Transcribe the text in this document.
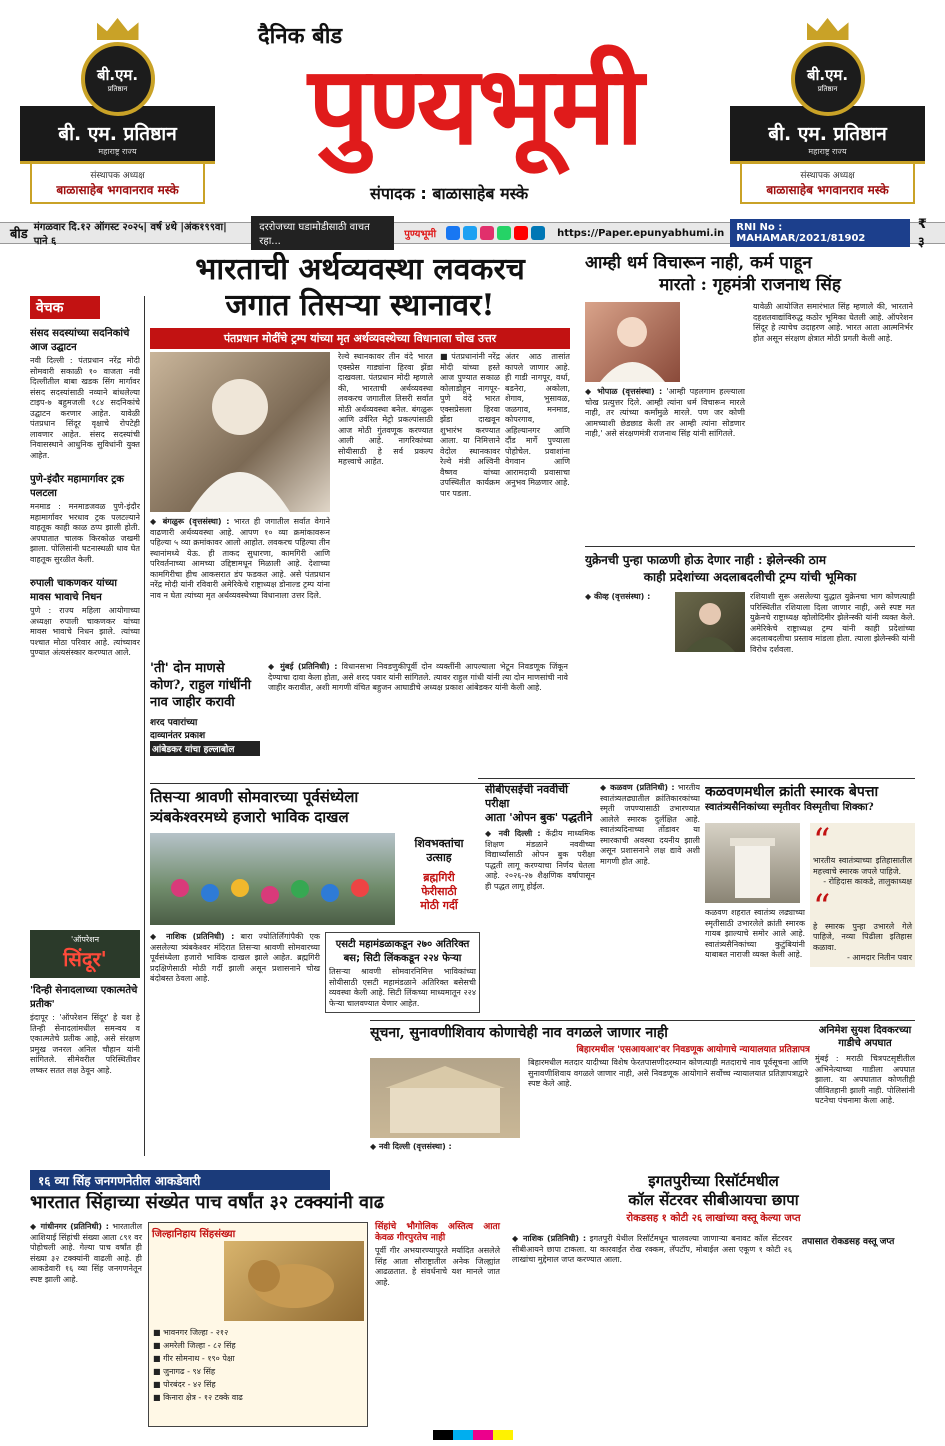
बी.एम.
प्रतिष्ठान
बी. एम. प्रतिष्ठान
महाराष्ट्र राज्य
संस्थापक अध्यक्ष
बाळासाहेब भगवानराव मस्के
दैनिक बीड
पुण्यभूमी
संपादक : बाळासाहेब मस्के
बी.एम.
प्रतिष्ठान
बी. एम. प्रतिष्ठान
महाराष्ट्र राज्य
संस्थापक अध्यक्ष
बाळासाहेब भगवानराव मस्के
बीड मंगळवार दि.१२ ऑगस्ट २०२५| वर्ष ४थे |अंक१९९वा| पाने ६
दररोजच्या घडामोडीसाठी वाचत रहा...
पुण्यभूमी	https://Paper.epunyabhumi.in	RNI No : MAHAMAR/2021/81902
₹ ३
वेचक
संसद सदस्यांच्या सदनिकांचे आज उद्घाटन
नवी दिल्ली : पंतप्रधान नरेंद्र मोदी सोमवारी सकाळी १० वाजता नवी दिल्लीतील बाबा खडक सिंग मार्गावर संसद सदस्यांसाठी नव्याने बांधलेल्या टाइप-७ बहुमजली १८४ सदनिकांचे उद्घाटन करणार आहेत. यावेळी पंतप्रधान सिंदूर वृक्षाचे रोपटेही लावणार आहेत. संसद सदस्यांची निवासस्थाने आधुनिक सुविधांनी युक्त आहेत.
पुणे-इंदौर महामार्गावर ट्रक पलटला
मनमाड : मनमाडजवळ पुणे-इंदौर महामार्गावर भरधाव ट्रक पलटल्याने वाहतूक काही काळ ठप्प झाली होती. अपघातात चालक किरकोळ जखमी झाला. पोलिसांनी घटनास्थळी धाव घेत वाहतूक सुरळीत केली.
रुपाली चाकणकर यांच्या मावस भावाचे निधन
पुणे : राज्य महिला आयोगाच्या अध्यक्षा रुपाली चाकणकर यांच्या मावस भावाचे निधन झाले. त्यांच्या पश्चात मोठा परिवार आहे. त्यांच्यावर पुण्यात अंत्यसंस्कार करण्यात आले.
भारताची अर्थव्यवस्था लवकरच
जगात तिसऱ्या स्थानावर!
पंतप्रधान मोदींचे ट्रम्प यांच्या मृत अर्थव्यवस्थेच्या विधानाला चोख उत्तर
◆ बंगळुरू (वृत्तसंस्था) : भारत ही जगातील सर्वात वेगाने वाढणारी अर्थव्यवस्था आहे. आपण १० व्या क्रमांकावरून पहिल्या ५ व्या क्रमांकावर आलो आहोत. लवकरच पहिल्या तीन स्थानांमध्ये येऊ. ही ताकद सुधारणा, कामगिरी आणि परिवर्तनाच्या आमच्या उद्दिष्टामधून मिळाली आहे. देशाच्या कामगिरीचा हीच आकसरात डंप फडकत आहे. असे पंतप्रधान नरेंद्र मोदी यांनी रविवारी अमेरिकेचे राष्ट्राध्यक्ष डोनाल्ड ट्रम्प यांना नाव न घेता त्यांच्या मृत अर्थव्यवस्थेच्या विधानाला उत्तर दिले.
रेल्वे स्थानकावर तीन वंदे भारत एक्स्प्रेस गाड्यांना हिरवा झेंडा दाखवला. पंतप्रधान मोदी म्हणाले की, भारताची अर्थव्यवस्था लवकरच जगातील तिसरी सर्वात मोठी अर्थव्यवस्था बनेल. बंगळुरू आणि उर्वरित मेट्रो प्रकल्पांसाठी आज मोठी गुंतवणूक करण्यात आली आहे. नागरिकांच्या सोयीसाठी हे सर्व प्रकल्प महत्त्वाचे आहेत.
■ पंतप्रधानांनी नरेंद्र मोदी यांच्या हस्ते आज पुण्यात सकाळ कोलाडोहून नागपूर-पुणे वंदे भारत एक्सप्रेसला हिरवा झेंडा दाखवून शुभारंभ करण्यात आला. या निमित्ताने वेदोल स्थानकावर रेल्वे मंत्री अश्विनी वैष्णव यांच्या उपस्थितीत कार्यक्रम पार पडला.
अंतर आठ तासांत कापले जाणार आहे. ही गाडी नागपूर, वर्धा, बडनेरा, अकोला, शेगाव, भुसावळ, जळगाव, मनमाड, कोपरगाव, अहिल्यानगर आणि दौंड मार्गे पुण्याला पोहोचेल. प्रवाशांना वेगवान आणि आरामदायी प्रवासाचा अनुभव मिळणार आहे.
'ती' दोन माणसे कोण?, राहुल गांधींनी नाव जाहीर करावी
शरद पवारांच्या
दाव्यानंतर प्रकाश
आंबेडकर यांचा हल्लाबोल
◆ मुंबई (प्रतिनिधी) : विधानसभा निवडणुकीपूर्वी दोन व्यक्तींनी आपल्याला भेटून निवडणूक जिंकून देण्याचा दावा केला होता, असे शरद पवार यांनी सांगितले. त्यावर राहुल गांधी यांनी त्या दोन माणसांची नावे जाहीर करावीत, अशी मागणी वंचित बहुजन आघाडीचे अध्यक्ष प्रकाश आंबेडकर यांनी केली आहे.
तिसऱ्या श्रावणी सोमवारच्या पूर्वसंध्येला
त्र्यंबकेश्वरमध्ये हजारो भाविक दाखल
शिवभक्तांचा
उत्साह
ब्रह्मगिरी
फेरीसाठी
मोठी गर्दी
◆ नाशिक (प्रतिनिधी) : बारा ज्योतिर्लिंगांपैकी एक असलेल्या त्र्यंबकेश्वर मंदिरात तिसऱ्या श्रावणी सोमवारच्या पूर्वसंध्येला हजारो भाविक दाखल झाले आहेत. ब्रह्मगिरी प्रदक्षिणेसाठी मोठी गर्दी झाली असून प्रशासनाने चोख बंदोबस्त ठेवला आहे.
एसटी महामंडळाकडून २७० अतिरिक्त बस; सिटी लिंककडून २२४ फेऱ्या
तिसऱ्या श्रावणी सोमवारनिमित्त भाविकांच्या सोयीसाठी एसटी महामंडळाने अतिरिक्त बसेसची व्यवस्था केली आहे. सिटी लिंकच्या माध्यमातून २२४ फेऱ्या चालवण्यात येणार आहेत.
'ऑपरेशन
सिंदूर'
'दिन्ही सेनादलाच्या एकात्मतेचे प्रतीक'
इंदापूर : 'ऑपरेशन सिंदूर' हे यश हे तिन्ही सेनादलांमधील समन्वय व एकात्मतेचे प्रतीक आहे, असे संरक्षण प्रमुख जनरल अनिल चौहान यांनी सांगितले. सीमेवरील परिस्थितीवर लष्कर सतत लक्ष ठेवून आहे.
आम्ही धर्म विचारून नाही, कर्म पाहून
मारतो : गृहमंत्री राजनाथ सिंह
◆ भोपाळ (वृत्तसंस्था) : 'आम्ही पहलगाम हल्ल्याला चोख प्रत्युत्तर दिले. आम्ही त्यांना धर्म विचारून मारले नाही, तर त्यांच्या कर्मांमुळे मारले. पण जर कोणी आमच्याशी छेडछाड केली तर आम्ही त्यांना सोडणार नाही,' असे संरक्षणमंत्री राजनाथ सिंह यांनी सांगितले.
यावेळी आयोजित समारंभात सिंह म्हणाले की, भारताने दहशतवाद्यांविरुद्ध कठोर भूमिका घेतली आहे. ऑपरेशन सिंदूर हे त्याचेच उदाहरण आहे. भारत आता आत्मनिर्भर होत असून संरक्षण क्षेत्रात मोठी प्रगती केली आहे.
युक्रेनची पुन्हा फाळणी होऊ देणार नाही : झेलेन्स्की ठाम
काही प्रदेशांच्या अदलाबदलीची ट्रम्प यांची भूमिका
◆ कीव्ह (वृत्तसंस्था) :	रशियाशी सुरू असलेल्या युद्धात युक्रेनचा भाग कोणत्याही परिस्थितीत रशियाला दिला जाणार नाही, असे स्पष्ट मत युक्रेनचे राष्ट्राध्यक्ष व्होलोदिमीर झेलेन्स्की यांनी व्यक्त केले. अमेरिकेचे राष्ट्राध्यक्ष ट्रम्प यांनी काही प्रदेशांच्या अदलाबदलीचा प्रस्ताव मांडला होता. त्याला झेलेन्स्की यांनी विरोध दर्शवला.
सीबीएसईची नववीची परीक्षा
आता 'ओपन बुक' पद्धतीने
◆ नवी दिल्ली : केंद्रीय माध्यमिक शिक्षण मंडळाने नववीच्या विद्यार्थ्यांसाठी ओपन बुक परीक्षा पद्धती लागू करण्याचा निर्णय घेतला आहे. २०२६-२७ शैक्षणिक वर्षापासून ही पद्धत लागू होईल.
◆ कळवण (प्रतिनिधी) : भारतीय स्वातंत्र्यलढ्यातील क्रांतिकारकांच्या स्मृती जपण्यासाठी उभारण्यात आलेले स्मारक दुर्लक्षित आहे. स्वातंत्र्यदिनाच्या तोंडावर या स्मारकाची अवस्था दयनीय झाली असून प्रशासनाने लक्ष द्यावे अशी मागणी होत आहे.
कळवणमधील क्रांती स्मारक बेपत्ता
स्वातंत्र्यसैनिकांच्या स्मृतीवर विस्मृतीचा शिक्का?
कळवण शहरात स्वातंत्र्य लढ्याच्या स्मृतीसाठी उभारलेले क्रांती स्मारक गायब झाल्याचे समोर आले आहे. स्वातंत्र्यसैनिकांच्या कुटुंबियांनी याबाबत नाराजी व्यक्त केली आहे.
“
भारतीय स्वातंत्र्याच्या इतिहासातील महत्त्वाचे स्मारक जपले पाहिजे.
- रोहिदास काकडे, तालुकाध्यक्ष
“
हे स्मारक पुन्हा उभारले गेले पाहिजे, नव्या पिढीला इतिहास कळावा.
- आमदार नितीन पवार
सूचना, सुनावणीशिवाय कोणाचेही नाव वगळले जाणार नाही
बिहारमधील 'एसआयआर'वर निवडणूक आयोगाचे न्यायालयात प्रतिज्ञापत्र
◆ नवी दिल्ली (वृत्तसंस्था) :
बिहारमधील मतदार यादीच्या विशेष फेरतपासणीदरम्यान कोणत्याही मतदाराचे नाव पूर्वसूचना आणि सुनावणीशिवाय वगळले जाणार नाही, असे निवडणूक आयोगाने सर्वोच्च न्यायालयात प्रतिज्ञापत्राद्वारे स्पष्ट केले आहे.
अनिमेश सुयश दिवकरच्या
गाडीचे अपघात
मुंबई : मराठी चित्रपटसृष्टीतील अभिनेत्याच्या गाडीला अपघात झाला. या अपघातात कोणतीही जीवितहानी झाली नाही. पोलिसांनी घटनेचा पंचनामा केला आहे.
१६ व्या सिंह जनगणनेतील आकडेवारी
भारतात सिंहाच्या संख्येत पाच वर्षांत ३२ टक्क्यांनी वाढ
◆ गांधीनगर (प्रतिनिधी) : भारतातील आशियाई सिंहांची संख्या आता ८९१ वर पोहोचली आहे. गेल्या पाच वर्षांत ही संख्या ३२ टक्क्यांनी वाढली आहे. ही आकडेवारी १६ व्या सिंह जनगणनेतून स्पष्ट झाली आहे.
जिल्हानिहाय सिंहसंख्या
■ भावनगर जिल्हा - २१२
■ अमरेली जिल्हा - ८२ सिंह
■ गीर सोमनाथ - १९० पेक्षा
■ जुनागढ - ९४ सिंह
■ पोरबंदर - ४२ सिंह
■ किनारा क्षेत्र - १२ टक्के वाढ
सिंहांचे भौगोलिक अस्तित्व आता केवळ गीरपुरतेच नाही
पूर्वी गीर अभयारण्यापुरते मर्यादित असलेले सिंह आता सौराष्ट्रातील अनेक जिल्ह्यांत आढळतात. हे संवर्धनाचे यश मानले जात आहे.
इगतपुरीच्या रिसॉर्टमधील
कॉल सेंटरवर सीबीआयचा छापा
रोकडसह १ कोटी २६ लाखांच्या वस्तू केल्या जप्त
◆ नाशिक (प्रतिनिधी) : इगतपुरी येथील रिसॉर्टमधून चालवल्या जाणाऱ्या बनावट कॉल सेंटरवर सीबीआयने छापा टाकला. या कारवाईत रोख रक्कम, लॅपटॉप, मोबाईल असा एकूण १ कोटी २६ लाखांचा मुद्देमाल जप्त करण्यात आला.
तपासात रोकडसह वस्तू जप्त
